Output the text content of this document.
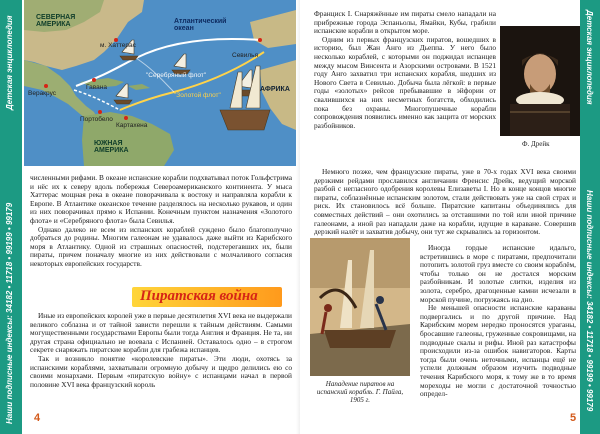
Наши подписные индексы: 34182 • 11718 • 99199 • 99179
Детская энциклопедия	СЕВЕРНАЯ
АМЕРИКА	Атлантический
океан
м. Хаттерас
Севилья
"Серебряный флот"
"Золотой флот"
АФРИКА
Веракрус
Гавана
Портобело
Картахена
ЮЖНАЯ
АМЕРИКА

численными рифами. В океане испанские корабли подхватывал поток Гольфстрима и нёс их к северу вдоль побережья Североамериканского континента. У мыса Хаттерас мощная река в океане поворачивала к востоку и направляла корабли к Европе. В Атлантике океанское течение разделялось на несколько рукавов, и один из них поворачивал прямо к Испании. Конечным пунктом назначения «Золотого флота» и «Серебряного флота» была Севилья.

Однако далеко не всем из испанских кораблей суждено было благополучно добраться до родины. Многим галеонам не удавалось даже выйти из Карибского моря в Атлантику. Одной из страшных опасностей, подстерегавших их, были пираты, причем поначалу многие из них действовали с молчаливого согласия некоторых европейских государств.

Пиратская война

Иные из европейских королей уже в первые десятилетия XVI века не выдержали великого соблазна и от тайной зависти перешли к тайным действиям. Самыми могущественными государствами Европы были тогда Англия и Франция. Не та, ни другая страна официально не воевала с Испанией. Оставалось одно – в строгом секрете снаряжать пиратские корабли для грабежа испанцев.

Так и возникло понятие «королевские пираты». Эти люди, охотясь за испанскими кораблями, захватывали огромную добычу и щедро делились ею со своими монархами. Первым «пиратскую войну» с испанцами начал в первой половине XVI века французский король

4

Франциск I. Снаряжённые им пираты смело нападали на прибрежные города Эспаньолы, Ямайки, Кубы, грабили испанские корабли в открытом море.

Одним из первых французских пиратов, вошедших в историю, был Жан Анго из Дьеппа. У него было несколько кораблей, с которыми он поджидал испанцев между мысом Винсента и Азорскими островами. В 1521 году Анго захватил три испанских корабля, шедших из Нового Света в Севилью. Добыча была лёгкой: в первые годы «золотых» рейсов пребывавшие в эйфории от свалившихся на них несметных богатств, обходились пока без охраны. Многопушечные корабли сопровождения появились именно как защита от морских разбойников.

Ф. Дрейк

Немного позже, чем французские пираты, уже в 70-х годах XVI века своими дерзкими рейдами прославился англичанин Френсис Дрейк, ведущий морской разбой с негласного одобрения королевы Елизаветы I. Но в конце концов многие пираты, соблазнённые испанским золотом, стали действовать уже на свой страх и риск. Их становилось всё больше. Пиратские капитаны объединялись для совместных действий – они охотились за отставшими по той или иной причине галеонами, а иной раз нападали даже на корабли, идущие в караване. Совершив дерзкий налёт и захватив добычу, они тут же скрывались за горизонтом.

Нападение пиратов на испанский корабль. Г. Пайла, 1905 г.

Иногда гордые испанские идальго, встретившись в море с пиратами, предпочитали потопить золотой груз вместе со своим кораблём, чтобы только он не достался морским разбойникам. И золотые слитки, изделия из золота, серебро, драгоценные камни исчезали в морской пучине, погружаясь на дно.

Не меньшей опасности испанские караваны подвергались и по другой причине. Над Карибским морем нередко проносятся ураганы, бросавшие галеоны, груженные сокровищами, на подводные скалы и рифы. Иной раз катастрофы происходили из-за ошибок навигаторов. Карты тогда были очень неточными, испанцы ещё не успели должным образом изучить подводные течения Карибского моря, к тому же в то время мореходы не могли с достаточной точностью определ-

5
Детская энциклопедия
Наши подписные индексы: 34182 • 11718 • 99199 • 99179
